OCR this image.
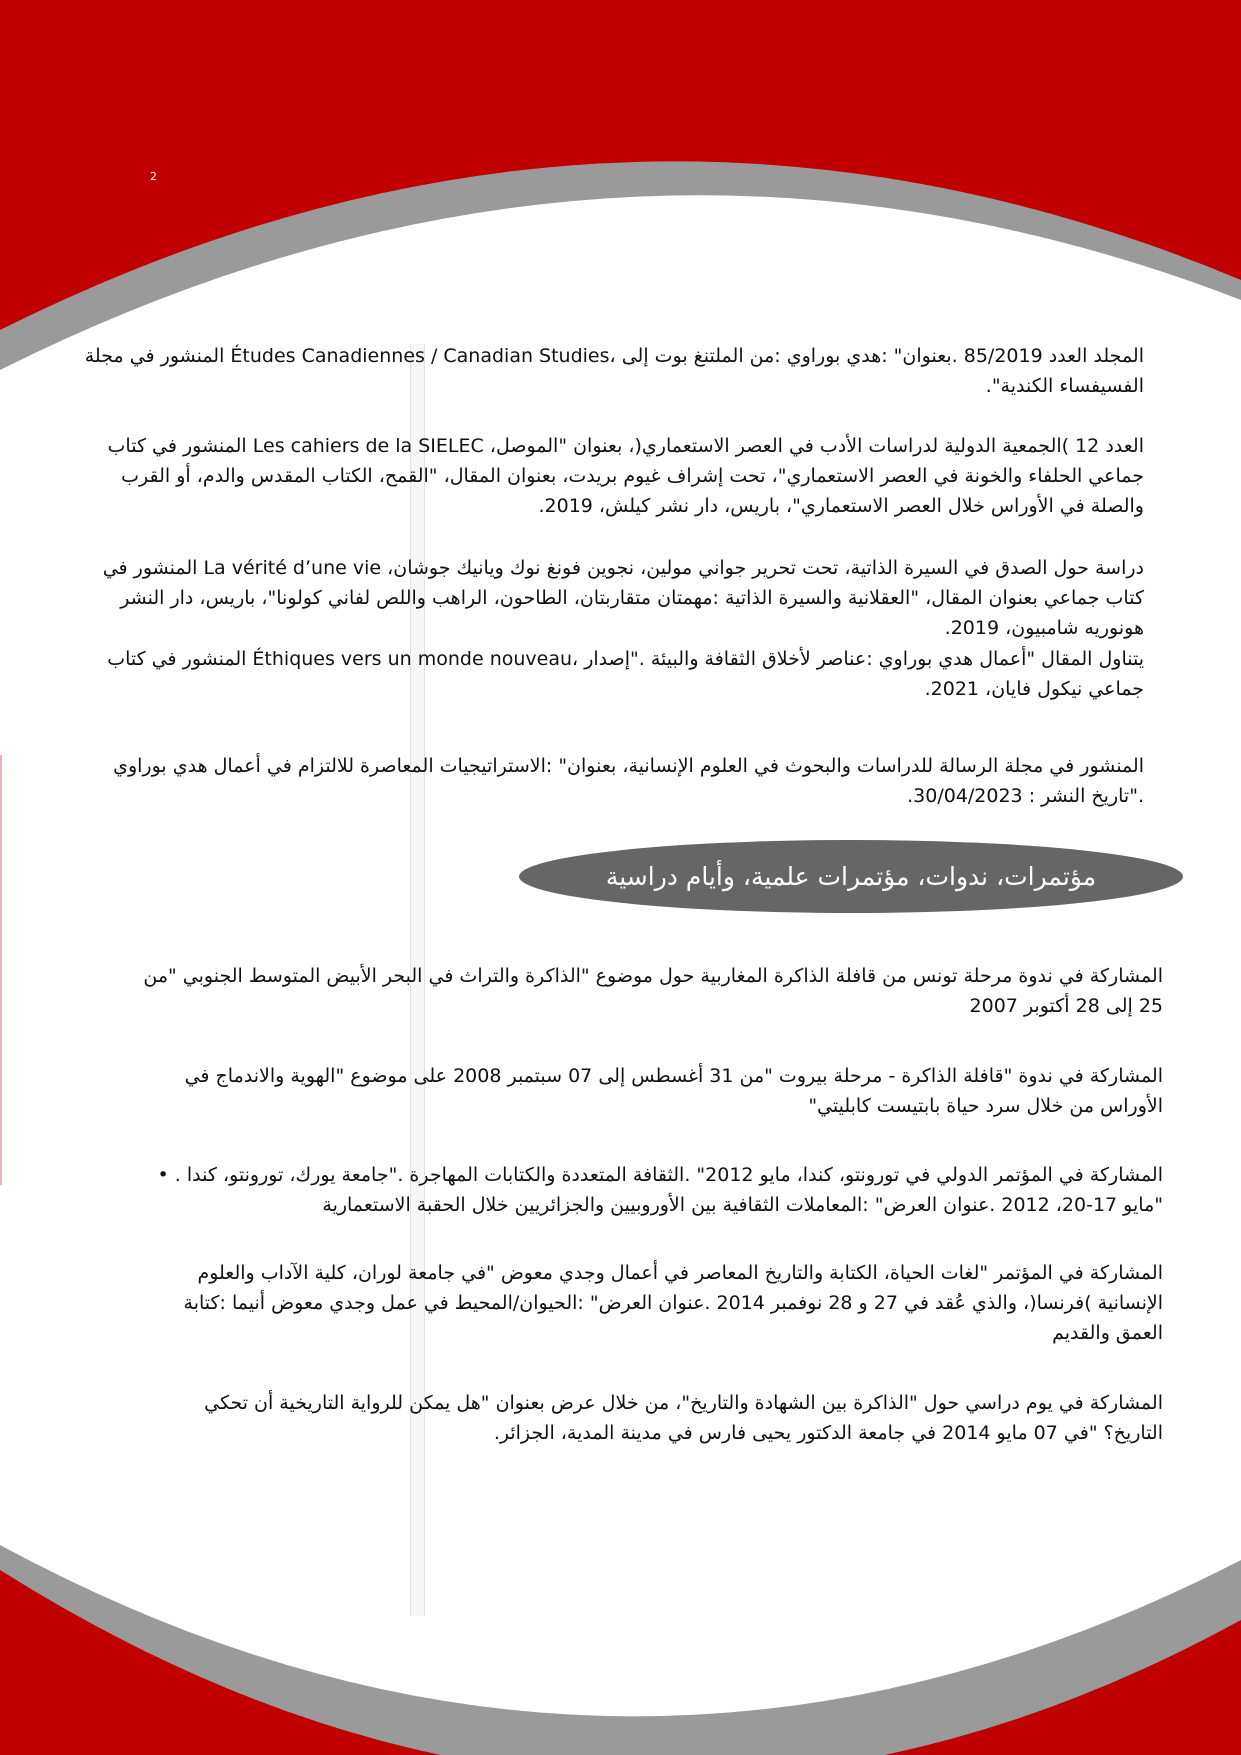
2
المجلد العدد 85/2019 .بعنوان" :هدي بوراوي :من الملتنغ بوت إلى ،Études Canadiennes / Canadian Studies المنشور في مجلة الفسيفساء الكندية".
العدد 12 )الجمعية الدولية لدراسات الأدب في العصر الاستعماري(، بعنوان "الموصل، Les cahiers de la SIELEC المنشور في كتاب جماعي الحلفاء والخونة في العصر الاستعماري"، تحت إشراف غيوم بريدت، بعنوان المقال، "القمح، الكتاب المقدس والدم، أو القرب والصلة في الأوراس خلال العصر الاستعماري"، باريس، دار نشر كيلش، 2019.
دراسة حول الصدق في السيرة الذاتية، تحت تحرير جواني مولين، نجوين فونغ نوك ويانيك جوشان، La vérité d’une vie المنشور في كتاب جماعي بعنوان المقال، "العقلانية والسيرة الذاتية :مهمتان متقاربتان، الطاحون، الراهب واللص لفاني كولونا"، باريس، دار النشر هونوريه شامبيون، 2019.
يتناول المقال "أعمال هدي بوراوي :عناصر لأخلاق الثقافة والبيئة ."إصدار ،Éthiques vers un monde nouveau المنشور في كتاب جماعي نيكول فايان، 2021.
المنشور في مجلة الرسالة للدراسات والبحوث في العلوم الإنسانية، بعنوان" :الاستراتيجيات المعاصرة للالتزام في أعمال هدي بوراوي ."تاريخ النشر : 30/04/2023.
مؤتمرات، ندوات، مؤتمرات علمية، وأيام دراسية
المشاركة في ندوة مرحلة تونس من قافلة الذاكرة المغاربية حول موضوع "الذاكرة والتراث في البحر الأبيض المتوسط الجنوبي "من 25 إلى 28 أكتوبر 2007
المشاركة في ندوة "قافلة الذاكرة - مرحلة بيروت "من 31 أغسطس إلى 07 سبتمبر 2008 على موضوع "الهوية والاندماج في الأوراس من خلال سرد حياة بابتيست كابليتي"
المشاركة في المؤتمر الدولي في تورونتو، كندا، مايو 2012" .الثقافة المتعددة والكتابات المهاجرة ."جامعة يورك، تورونتو، كندا . • "مايو 17-20، 2012 .عنوان العرض" :المعاملات الثقافية بين الأوروبيين والجزائريين خلال الحقبة الاستعمارية
المشاركة في المؤتمر "لغات الحياة، الكتابة والتاريخ المعاصر في أعمال وجدي معوض "في جامعة لوران، كلية الآداب والعلوم الإنسانية )فرنسا(، والذي عُقد في 27 و 28 نوفمبر 2014 .عنوان العرض" :الحيوان/المحيط في عمل وجدي معوض أنيما :كتابة العمق والقديم
المشاركة في يوم دراسي حول "الذاكرة بين الشهادة والتاريخ"، من خلال عرض بعنوان "هل يمكن للرواية التاريخية أن تحكي التاريخ؟ "في 07 مايو 2014 في جامعة الدكتور يحيى فارس في مدينة المدية، الجزائر.
